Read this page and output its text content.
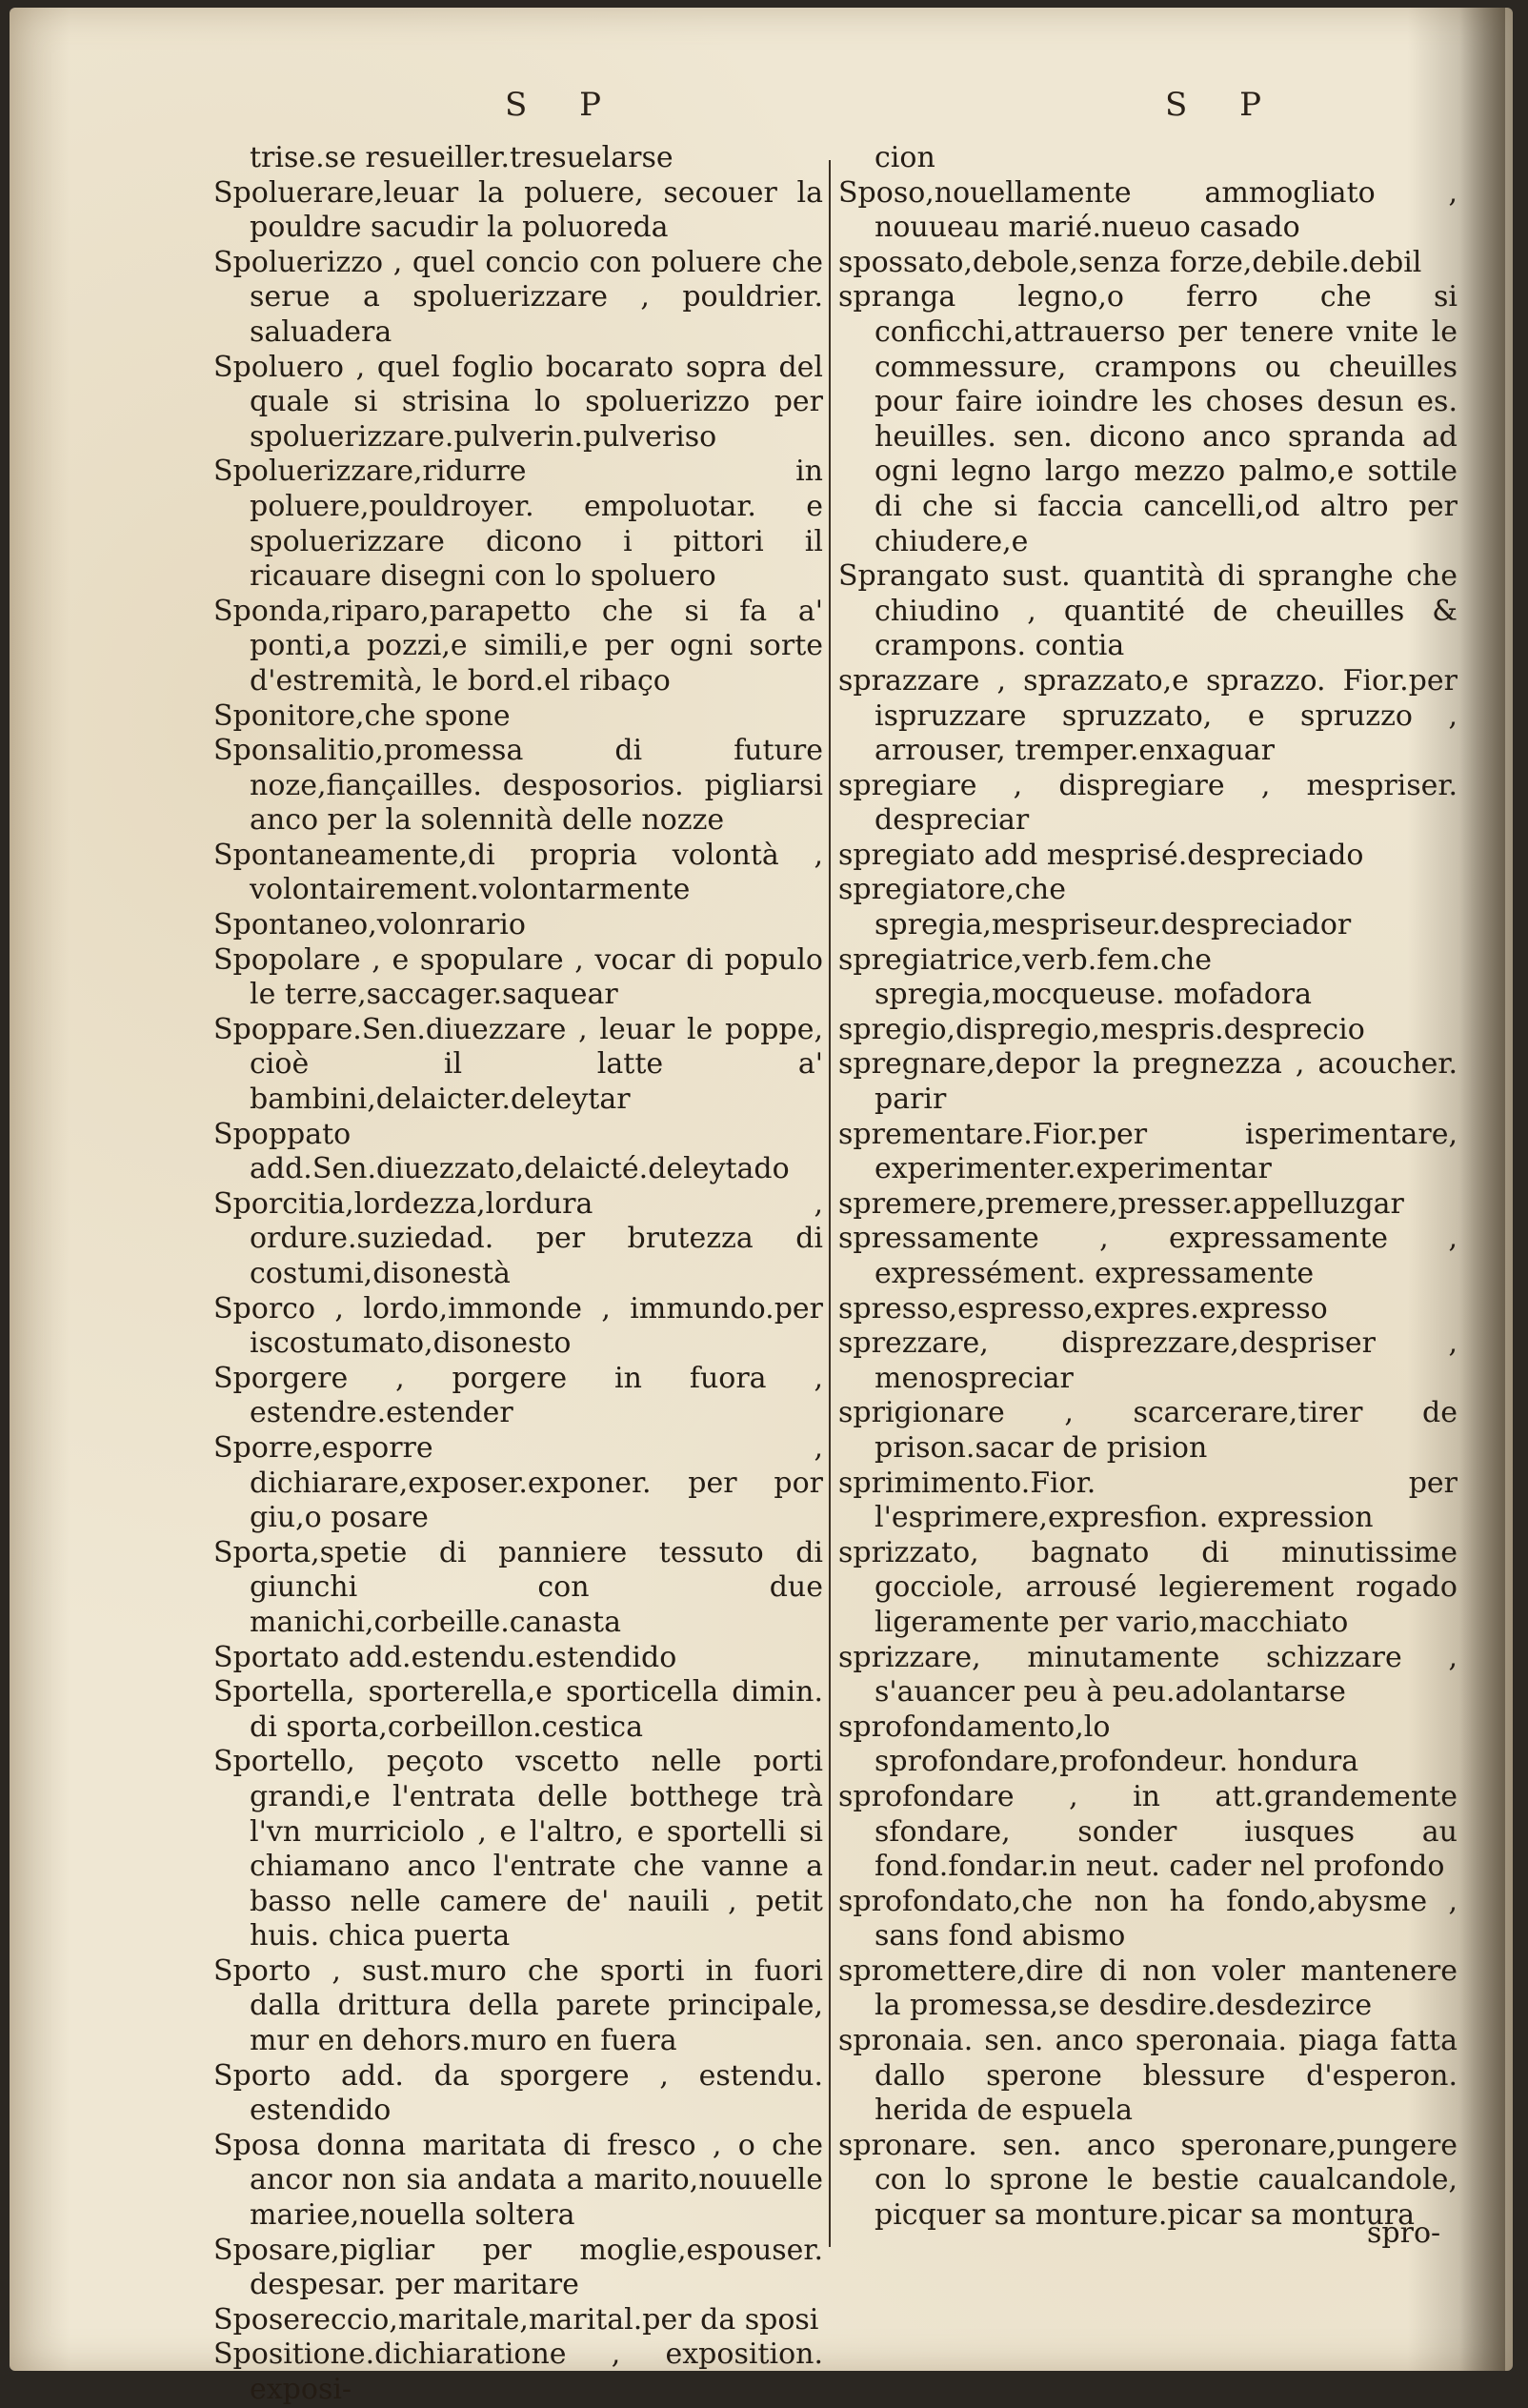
S P	S P

trise.se resueiller.tresuelarse

Spoluerare,leuar la poluere, secouer la pouldre sacudir la poluoreda

Spoluerizzo , quel concio con poluere che serue a spoluerizzare , pouldrier. saluadera

Spoluero , quel foglio bocarato sopra del quale si strisina lo spoluerizzo per spoluerizzare.pulverin.pulverisо

Spoluerizzare,ridurre in poluere,pouldroyer. empoluotar. e spoluerizzare dicono i pittori il ricauare disegni con lo spoluero

Sponda,riparo,parapetto che si fa a' ponti,a pozzi,e simili,e per ogni sorte d'estremità, le bord.el ribaço

Sponitore,che spone

Sponsalitio,promessa di future noze,fiançailles. desposorios. pigliarsi anco per la solennità delle nozze

Spontaneamente,di propria volontà , volontairement.volontarmente

Spontaneo,volonrario

Spopolare , e spopulare , vocar di populo le terre,saccager.saquear

Spoppare.Sen.diuezzare , leuar le poppe, cioè il latte a' bambini,delaicter.deleytar

Spoppato add.Sen.diuezzato,delaicté.deleytado

Sporcitia,lordezza,lordura , ordure.suziedad. per brutezza di costumi,disonestà

Sporco , lordo,immonde , immundo.per iscostumato,disonesto

Sporgere , porgere in fuora , estendre.estender

Sporre,esporre , dichiarare,exposer.exponer. per por giu,o posare

Sporta,spetie di panniere tessuto di giunchi con due manichi,corbeille.canasta

Sportato add.estendu.estendido

Sportella, sporterella,e sporticella dimin. di sporta,corbeillon.cestica

Sportello, peçoto vscetto nelle porti grandi,e l'entrata delle botthege trà l'vn murriciolo , e l'altro, e sportelli si chiamano anco l'entrate che vanne a basso nelle camere de' nauili , petit huis. chica puerta

Sporto , sust.muro che sporti in fuori dalla drittura della parete principale, mur en dehors.muro en fuera

Sporto add. da sporgere , estendu. estendido

Sposa donna maritata di fresco , o che ancor non sia andata a marito,nouuelle mariee,nouella soltera

Sposare,pigliar per moglie,espouser. despesar. per maritare

Sposereccio,maritale,marital.per da sposi

Spositione.dichiaratione , exposition. exposi-

cion

Sposo,nouellamente ammogliato , nouueau marié.nueuo casado

spossato,debole,senza forze,debile.debil

spranga legno,o ferro che si conficchi,attrauerso per tenere vnite le commessure, crampons ou cheuilles pour faire ioindre les choses desun es. heuilles. sen. dicono anco spranda ad ogni legno largo mezzo palmo,e sottile di che si faccia cancelli,od altro per chiudere,e

Sprangato sust. quantità di spranghe che chiudino , quantité de cheuilles & crampons. contia

sprazzare , sprazzato,e sprazzo. Fior.per ispruzzare spruzzato, e spruzzo , arrouser, tremper.enxaguar

spregiare , dispregiare , mespriser. despreciar

spregiato add mesprisé.despreciado

spregiatore,che spregia,mespriseur.despreciador

spregiatrice,verb.fem.che spregia,mocqueuse. mofadora

spregio,dispregio,mespris.desprecio

spregnare,depor la pregnezza , acoucher. parir

sprementare.Fior.per isperimentare, experimenter.experimentar

spremere,premere,presser.appelluzgar

spressamente , expressamente , expressément. expressamente

spresso,espresso,expres.expresso

sprezzare, disprezzare,despriser , menospreciar

sprigionare , scarcerare,tirer de prison.sacar de prision

sprimimento.Fior. per l'esprimere,expresfion. expression

sprizzato, bagnato di minutissime gocciole, arrousé legierement rogado ligeramente per vario,macchiato

sprizzare, minutamente schizzare , s'auancer peu à peu.adolantarse

sprofondamento,lo sprofondare,profondeur. hondura

sprofondare , in att.grandemente sfondare, sonder iusques au fond.fondar.in neut. cader nel profondo

sprofondato,che non ha fondo,abysme , sans fond abismo

spromettere,dire di non voler mantenere la promessa,se desdire.desdezirce

spronaia. sen. anco speronaia. piaga fatta dallo sperone blessure d'esperon. herida de espuela

spronare. sen. anco speronare,pungere con lo sprone le bestie caualcandole, picquer sa monture.picar sa montura

spro-
